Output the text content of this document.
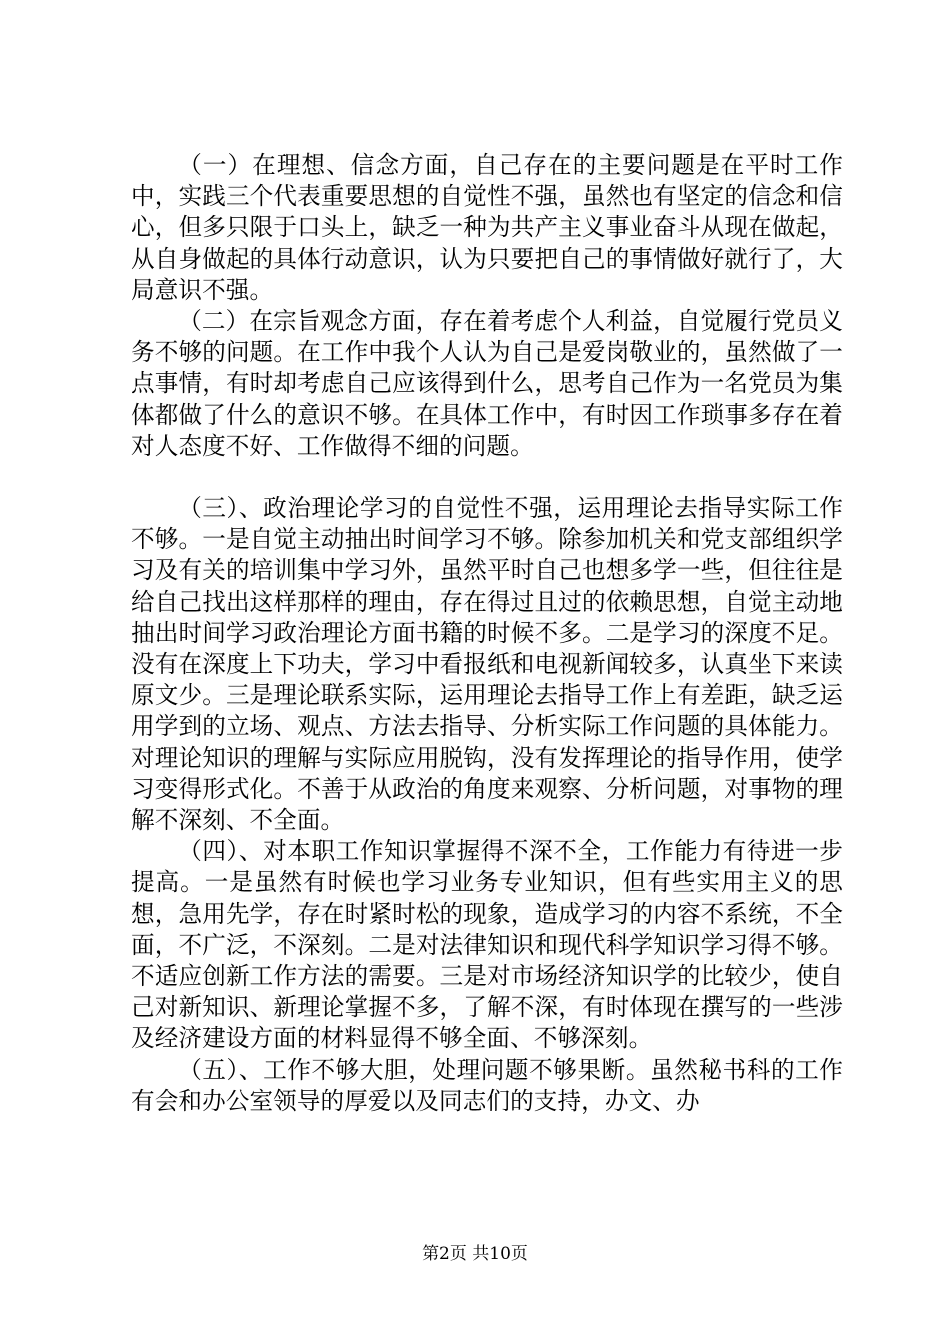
（一）在理想、信念方面，自己存在的主要问题是在平时工作中，实践三个代表重要思想的自觉性不强，虽然也有坚定的信念和信心，但多只限于口头上，缺乏一种为共产主义事业奋斗从现在做起，从自身做起的具体行动意识，认为只要把自己的事情做好就行了，大局意识不强。

（二）在宗旨观念方面，存在着考虑个人利益，自觉履行党员义务不够的问题。在工作中我个人认为自己是爱岗敬业的，虽然做了一点事情，有时却考虑自己应该得到什么，思考自己作为一名党员为集体都做了什么的意识不够。在具体工作中，有时因工作琐事多存在着对人态度不好、工作做得不细的问题。

（三）、政治理论学习的自觉性不强，运用理论去指导实际工作不够。一是自觉主动抽出时间学习不够。除参加机关和党支部组织学习及有关的培训集中学习外，虽然平时自己也想多学一些，但往往是给自己找出这样那样的理由，存在得过且过的依赖思想，自觉主动地抽出时间学习政治理论方面书籍的时候不多。二是学习的深度不足。没有在深度上下功夫，学习中看报纸和电视新闻较多，认真坐下来读原文少。三是理论联系实际，运用理论去指导工作上有差距，缺乏运用学到的立场、观点、方法去指导、分析实际工作问题的具体能力。对理论知识的理解与实际应用脱钩，没有发挥理论的指导作用，使学习变得形式化。不善于从政治的角度来观察、分析问题，对事物的理解不深刻、不全面。

（四）、对本职工作知识掌握得不深不全，工作能力有待进一步提高。一是虽然有时候也学习业务专业知识，但有些实用主义的思想，急用先学，存在时紧时松的现象，造成学习的内容不系统，不全面，不广泛，不深刻。二是对法律知识和现代科学知识学习得不够。不适应创新工作方法的需要。三是对市场经济知识学的比较少，使自己对新知识、新理论掌握不多，了解不深，有时体现在撰写的一些涉及经济建设方面的材料显得不够全面、不够深刻。

（五）、工作不够大胆，处理问题不够果断。虽然秘书科的工作有会和办公室领导的厚爱以及同志们的支持，办文、办

第2页 共10页
